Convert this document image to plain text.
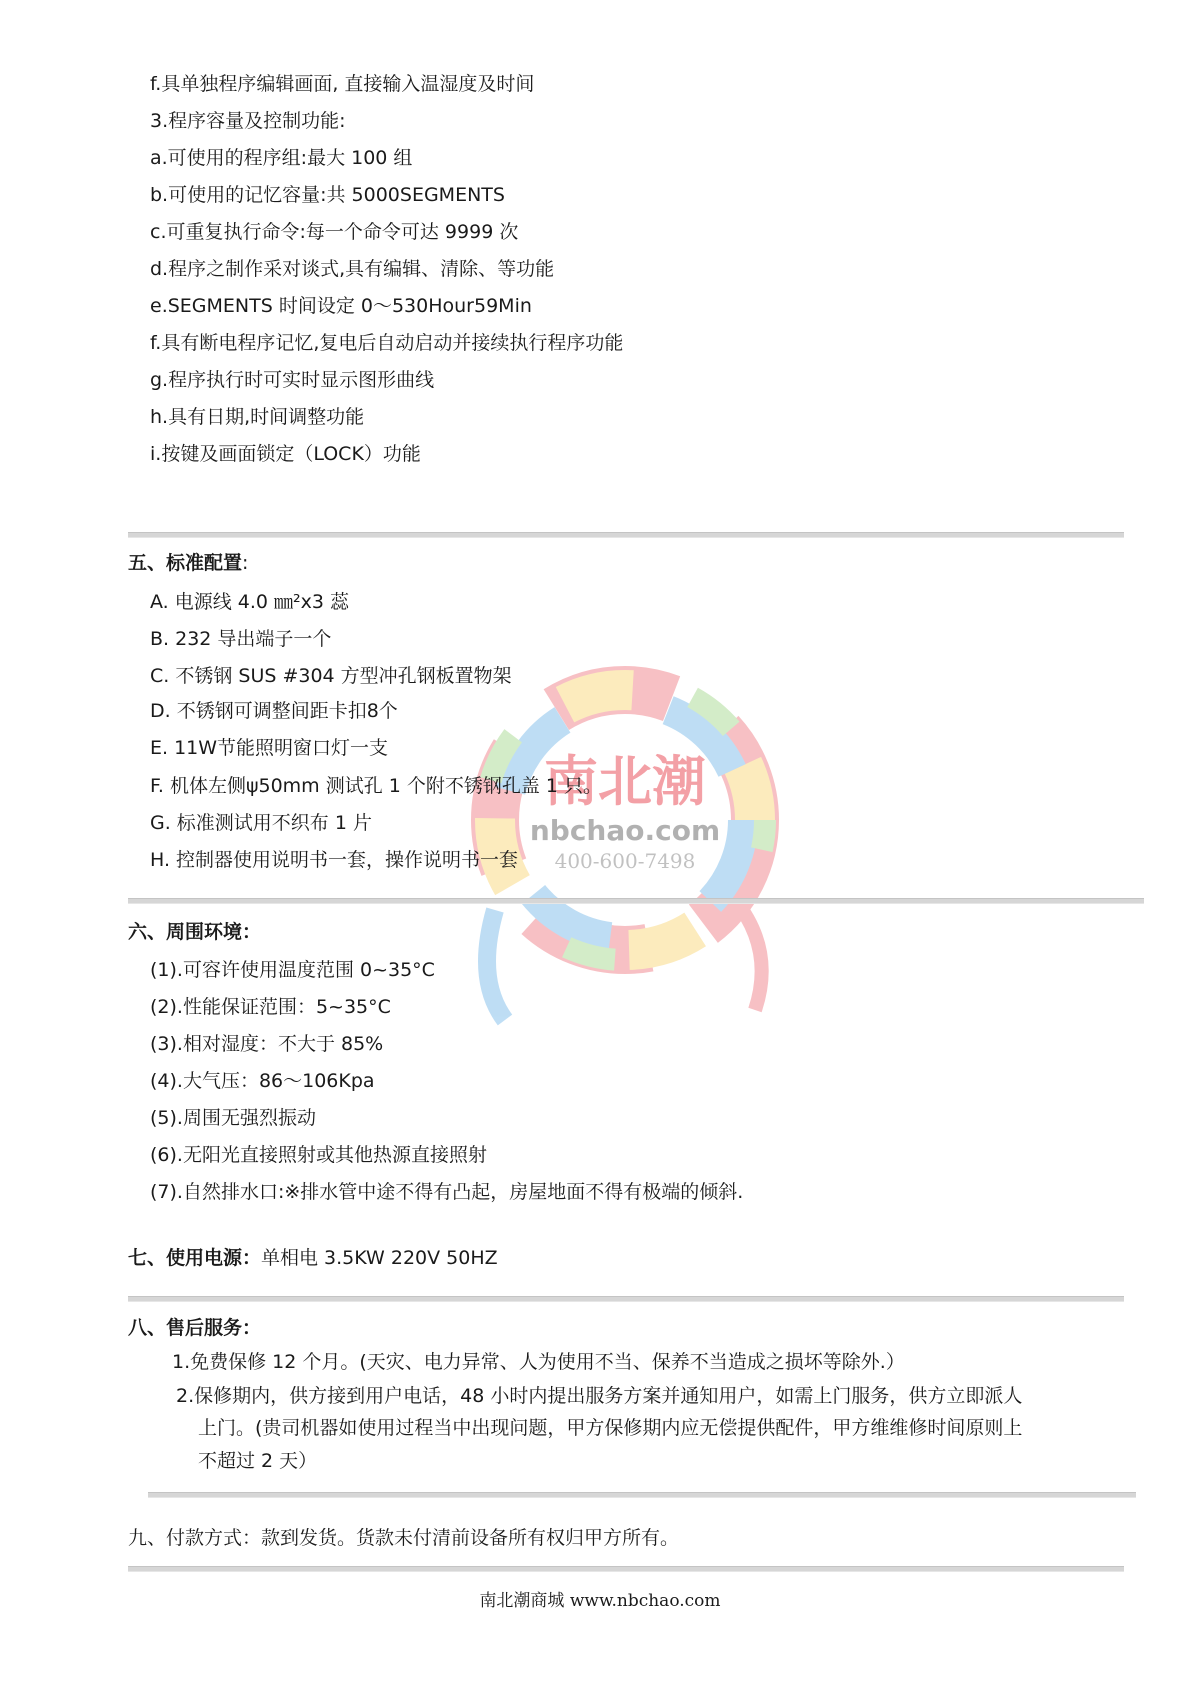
南北潮
nbchao.com
400-600-7498
f.具单独程序编辑画面, 直接输入温湿度及时间
3.程序容量及控制功能:
a.可使用的程序组:最大 100 组
b.可使用的记忆容量:共 5000SEGMENTS
c.可重复执行命令:每一个命令可达 9999 次
d.程序之制作采对谈式,具有编辑、清除、等功能
e.SEGMENTS 时间设定 0～530Hour59Min
f.具有断电程序记忆,复电后自动启动并接续执行程序功能
g.程序执行时可实时显示图形曲线
h.具有日期,时间调整功能
i.按键及画面锁定（LOCK）功能
五、标准配置:
A. 电源线 4.0 ㎜²x3 蕊
B. 232 导出端子一个
C. 不锈钢 SUS #304 方型冲孔钢板置物架
D. 不锈钢可调整间距卡扣8个
E. 11W节能照明窗口灯一支
F. 机体左侧ψ50mm 测试孔 1 个附不锈钢孔盖 1 只。
G. 标准测试用不织布 1 片
H. 控制器使用说明书一套，操作说明书一套
六、周围环境：
(1).可容许使用温度范围 0~35°C
(2).性能保证范围：5~35°C
(3).相对湿度：不大于 85%
(4).大气压：86～106Kpa
(5).周围无强烈振动
(6).无阳光直接照射或其他热源直接照射
(7).自然排水口:※排水管中途不得有凸起，房屋地面不得有极端的倾斜.
七、使用电源：单相电 3.5KW 220V 50HZ
八、售后服务：
1.免费保修 12 个月。(天灾、电力异常、人为使用不当、保养不当造成之损坏等除外.）
2.保修期内，供方接到用户电话，48 小时内提出服务方案并通知用户，如需上门服务，供方立即派人
上门。(贵司机器如使用过程当中出现问题，甲方保修期内应无偿提供配件，甲方维维修时间原则上
不超过 2 天）
九、付款方式：款到发货。货款未付清前设备所有权归甲方所有。
南北潮商城 www.nbchao.com
